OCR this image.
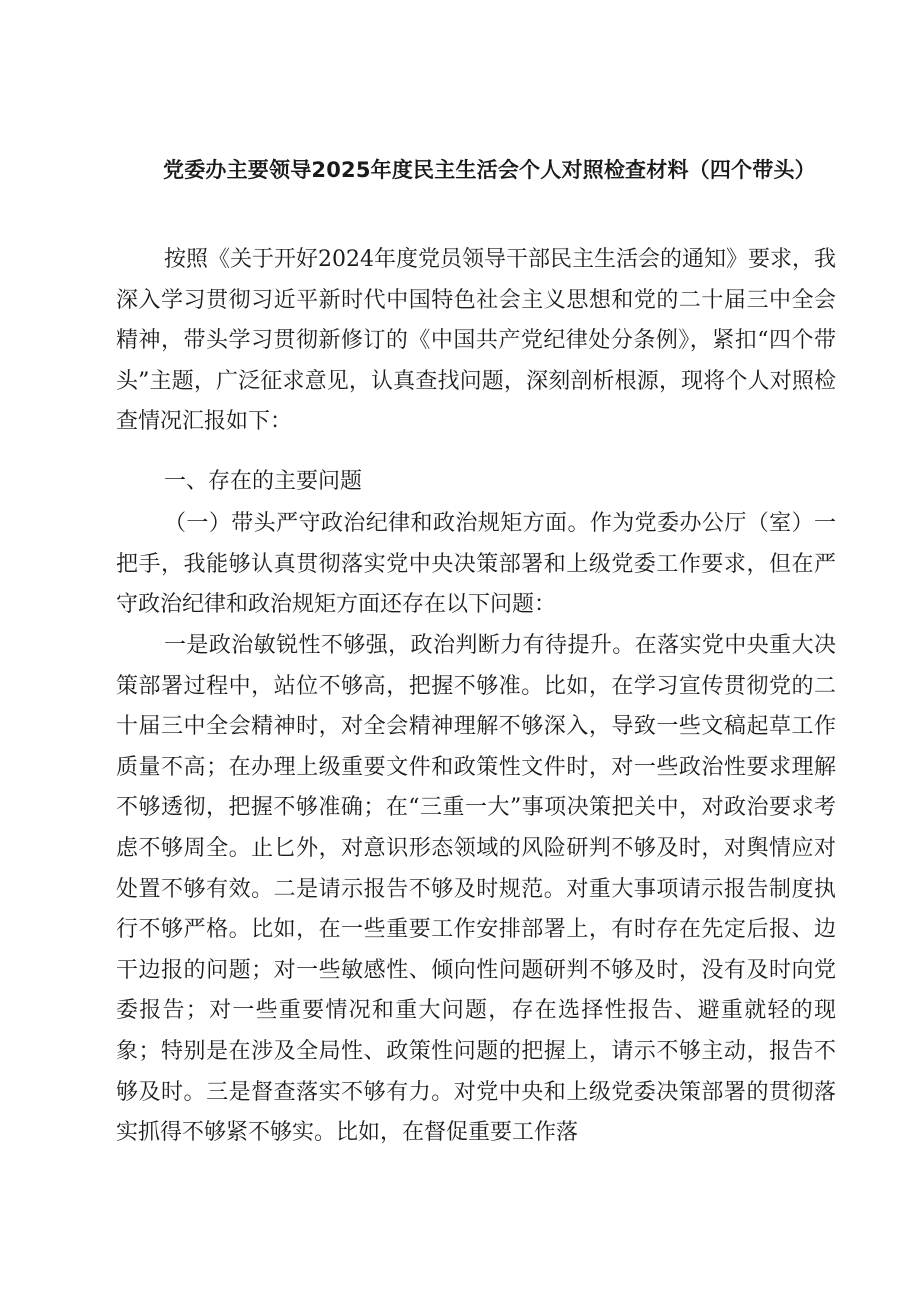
党委办主要领导2025年度民主生活会个人对照检查材料（四个带头）

按照《关于开好2024年度党员领导干部民主生活会的通知》要求，我深入学习贯彻习近平新时代中国特色社会主义思想和党的二十届三中全会精神，带头学习贯彻新修订的《中国共产党纪律处分条例》，紧扣“四个带头”主题，广泛征求意见，认真查找问题，深刻剖析根源，现将个人对照检查情况汇报如下：

一、存在的主要问题

（一）带头严守政治纪律和政治规矩方面。作为党委办公厅（室）一把手，我能够认真贯彻落实党中央决策部署和上级党委工作要求，但在严守政治纪律和政治规矩方面还存在以下问题：

一是政治敏锐性不够强，政治判断力有待提升。在落实党中央重大决策部署过程中，站位不够高，把握不够准。比如，在学习宣传贯彻党的二十届三中全会精神时，对全会精神理解不够深入，导致一些文稿起草工作质量不高；在办理上级重要文件和政策性文件时，对一些政治性要求理解不够透彻，把握不够准确；在“三重一大”事项决策把关中，对政治要求考虑不够周全。止匕外，对意识形态领域的风险研判不够及时，对舆情应对处置不够有效。二是请示报告不够及时规范。对重大事项请示报告制度执行不够严格。比如，在一些重要工作安排部署上，有时存在先定后报、边干边报的问题；对一些敏感性、倾向性问题研判不够及时，没有及时向党委报告；对一些重要情况和重大问题，存在选择性报告、避重就轻的现象；特别是在涉及全局性、政策性问题的把握上，请示不够主动，报告不够及时。三是督查落实不够有力。对党中央和上级党委决策部署的贯彻落实抓得不够紧不够实。比如，在督促重要工作落
